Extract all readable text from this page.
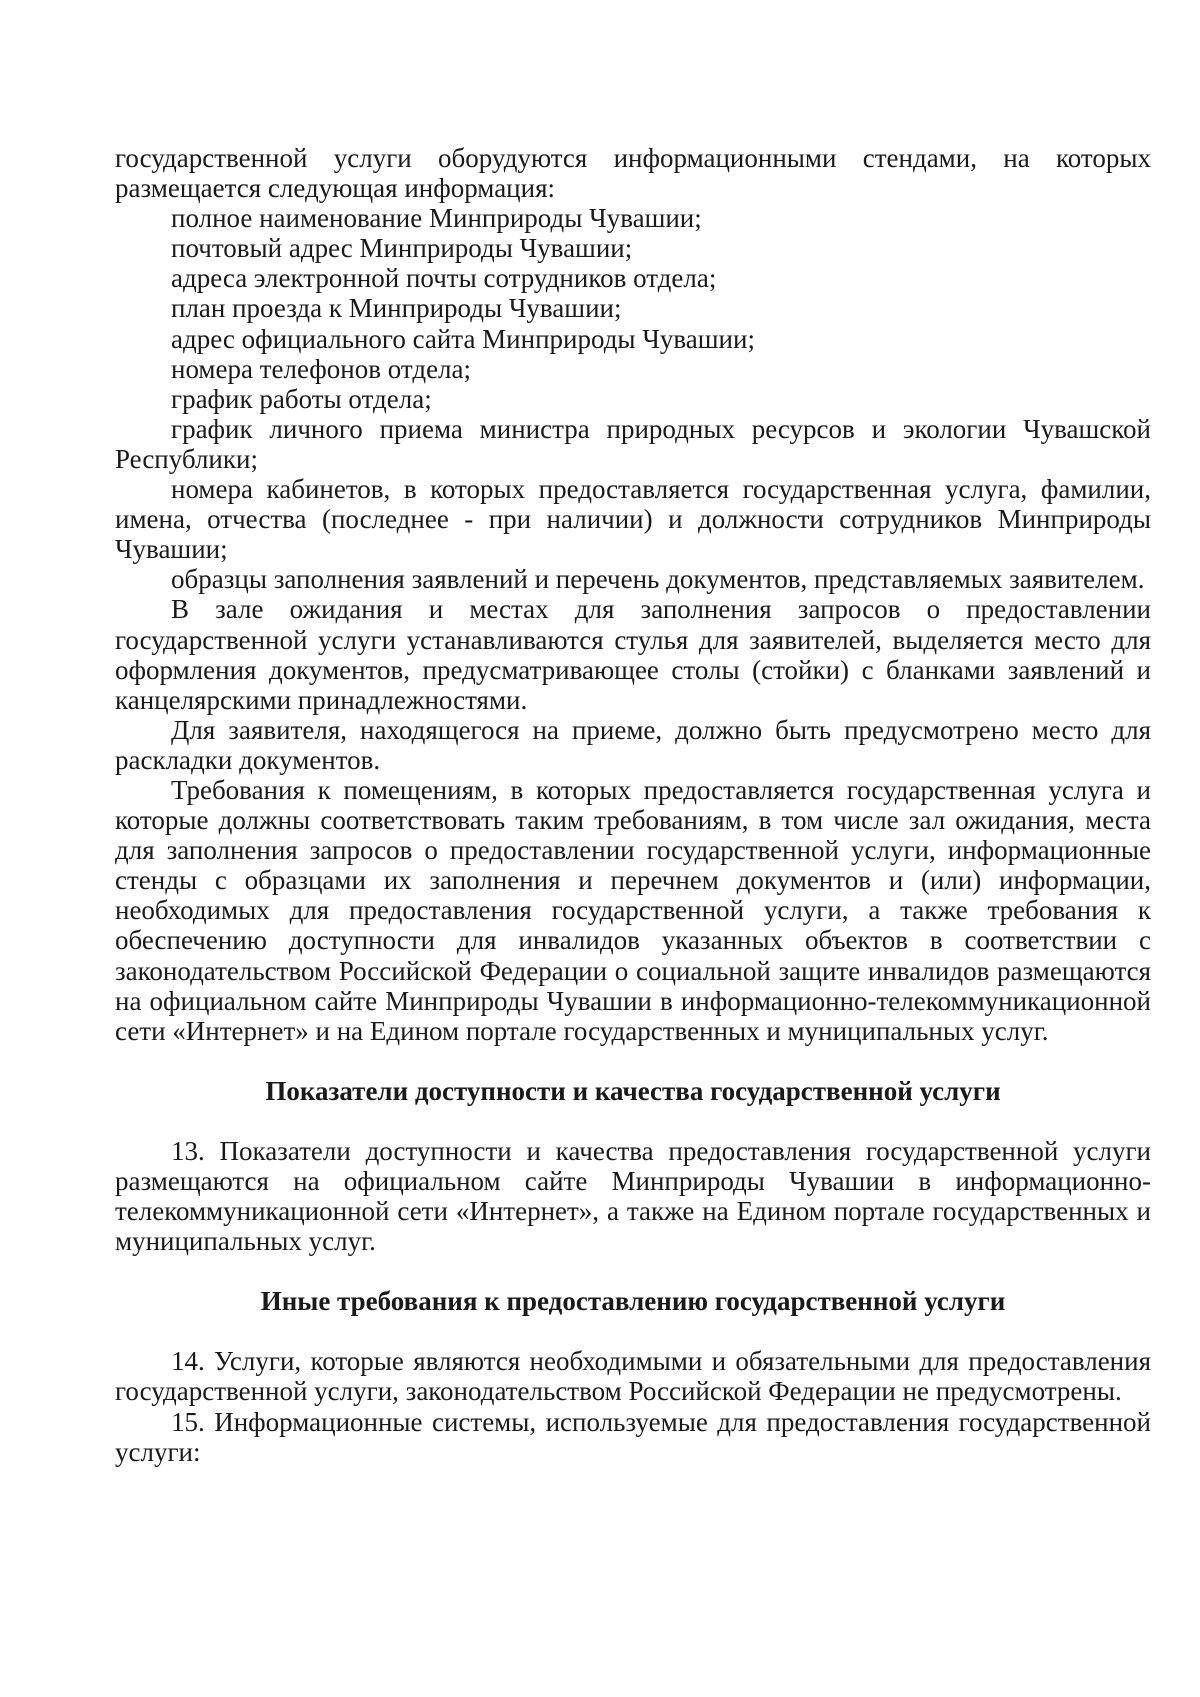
государственной услуги оборудуются информационными стендами, на которых размещается следующая информация:

полное наименование Минприроды Чувашии;

почтовый адрес Минприроды Чувашии;

адреса электронной почты сотрудников отдела;

план проезда к Минприроды Чувашии;

адрес официального сайта Минприроды Чувашии;

номера телефонов отдела;

график работы отдела;

график личного приема министра природных ресурсов и экологии Чувашской Республики;

номера кабинетов, в которых предоставляется государственная услуга, фамилии, имена, отчества (последнее - при наличии) и должности сотрудников Минприроды Чувашии;

образцы заполнения заявлений и перечень документов, представляемых заявителем.

В зале ожидания и местах для заполнения запросов о предоставлении государственной услуги устанавливаются стулья для заявителей, выделяется место для оформления документов, предусматривающее столы (стойки) с бланками заявлений и канцелярскими принадлежностями.

Для заявителя, находящегося на приеме, должно быть предусмотрено место для раскладки документов.

Требования к помещениям, в которых предоставляется государственная услуга и которые должны соответствовать таким требованиям, в том числе зал ожидания, места для заполнения запросов о предоставлении государственной услуги, информационные стенды с образцами их заполнения и перечнем документов и (или) информации, необходимых для предоставления государственной услуги, а также требования к обеспечению доступности для инвалидов указанных объектов в соответствии с законодательством Российской Федерации о социальной защите инвалидов размещаются на официальном сайте Минприроды Чувашии в информационно-телекоммуникационной сети «Интернет» и на Едином портале государственных и муниципальных услуг.

Показатели доступности и качества государственной услуги

13. Показатели доступности и качества предоставления государственной услуги размещаются на официальном сайте Минприроды Чувашии в информационно-телекоммуникационной сети «Интернет», а также на Едином портале государственных и муниципальных услуг.

Иные требования к предоставлению государственной услуги

14. Услуги, которые являются необходимыми и обязательными для предоставления государственной услуги, законодательством Российской Федерации не предусмотрены.

15. Информационные системы, используемые для предоставления государственной услуги:
